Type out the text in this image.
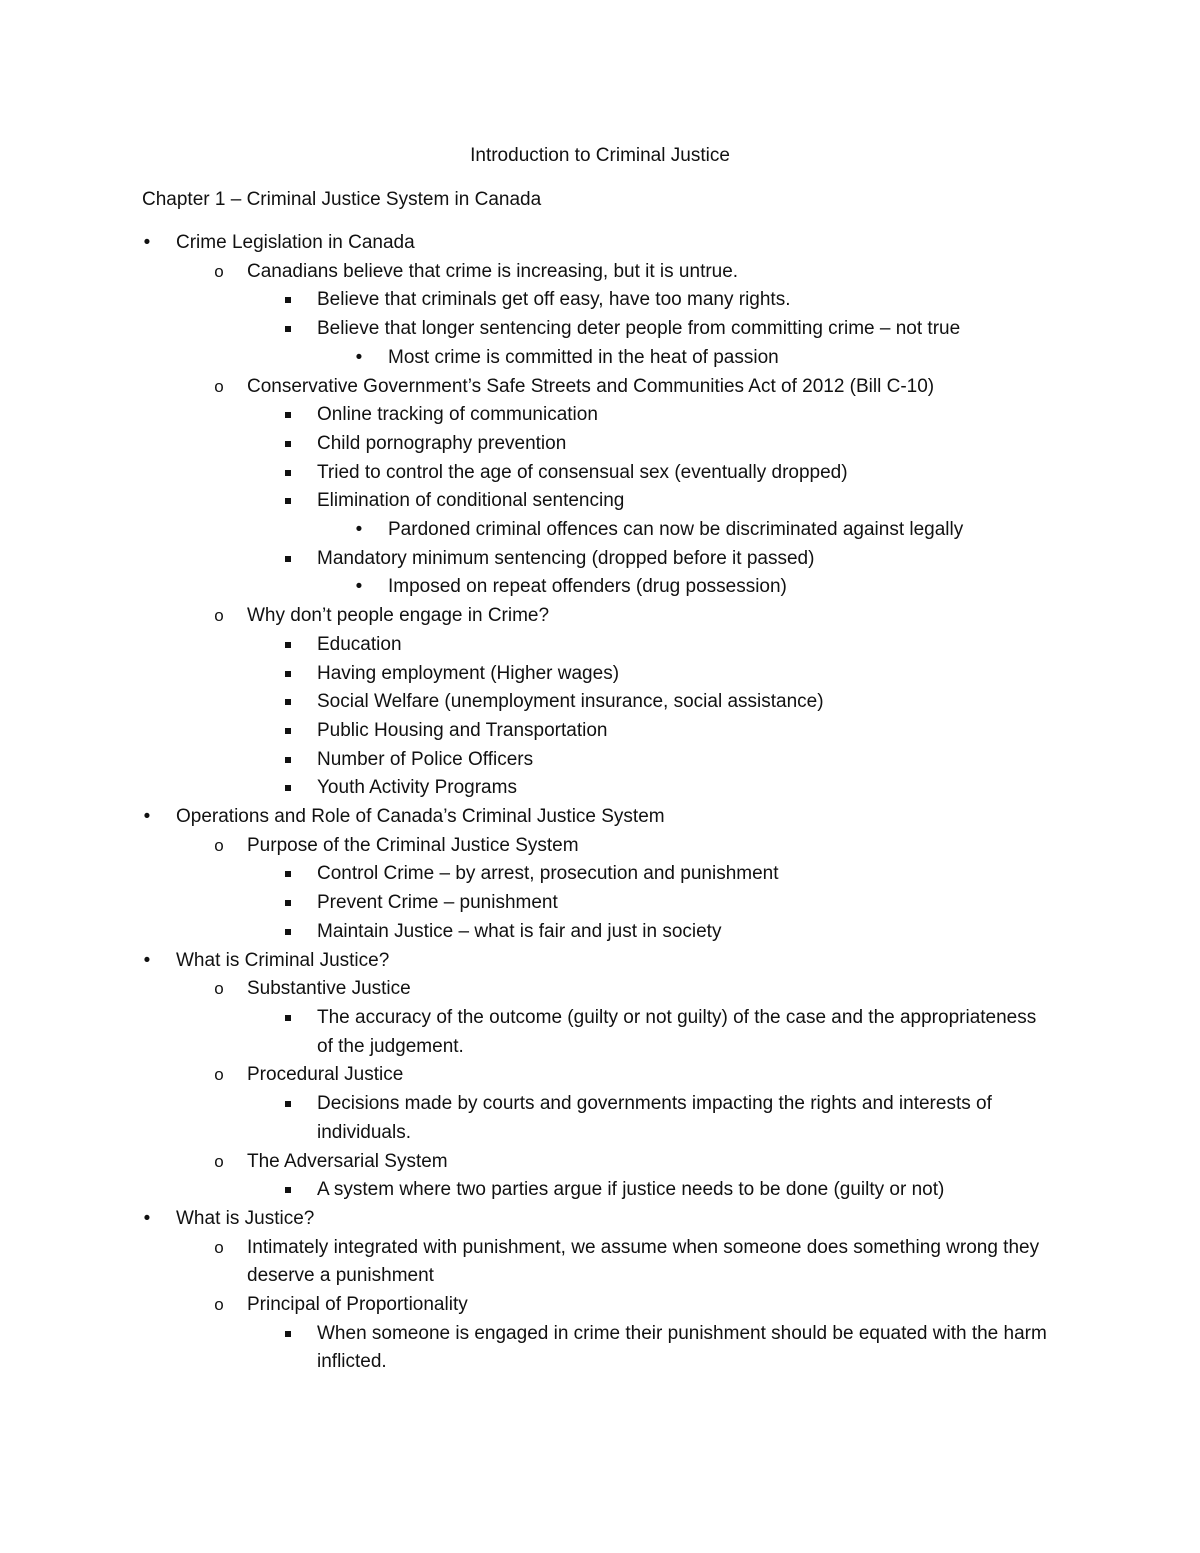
Introduction to Criminal Justice
Chapter 1 – Criminal Justice System in Canada
• Crime Legislation in Canada
o Canadians believe that crime is increasing, but it is untrue.
Believe that criminals get off easy, have too many rights.
Believe that longer sentencing deter people from committing crime – not true
• Most crime is committed in the heat of passion
o Conservative Government’s Safe Streets and Communities Act of 2012 (Bill C-10)
Online tracking of communication
Child pornography prevention
Tried to control the age of consensual sex (eventually dropped)
Elimination of conditional sentencing
• Pardoned criminal offences can now be discriminated against legally
Mandatory minimum sentencing (dropped before it passed)
• Imposed on repeat offenders (drug possession)
o Why don’t people engage in Crime?
Education
Having employment (Higher wages)
Social Welfare (unemployment insurance, social assistance)
Public Housing and Transportation
Number of Police Officers
Youth Activity Programs
• Operations and Role of Canada’s Criminal Justice System
o Purpose of the Criminal Justice System
Control Crime – by arrest, prosecution and punishment
Prevent Crime – punishment
Maintain Justice – what is fair and just in society
• What is Criminal Justice?
o Substantive Justice
The accuracy of the outcome (guilty or not guilty) of the case and the appropriateness of the judgement.
o Procedural Justice
Decisions made by courts and governments impacting the rights and interests of individuals.
o The Adversarial System
A system where two parties argue if justice needs to be done (guilty or not)
• What is Justice?
o Intimately integrated with punishment, we assume when someone does something wrong they deserve a punishment
o Principal of Proportionality
When someone is engaged in crime their punishment should be equated with the harm inflicted.
